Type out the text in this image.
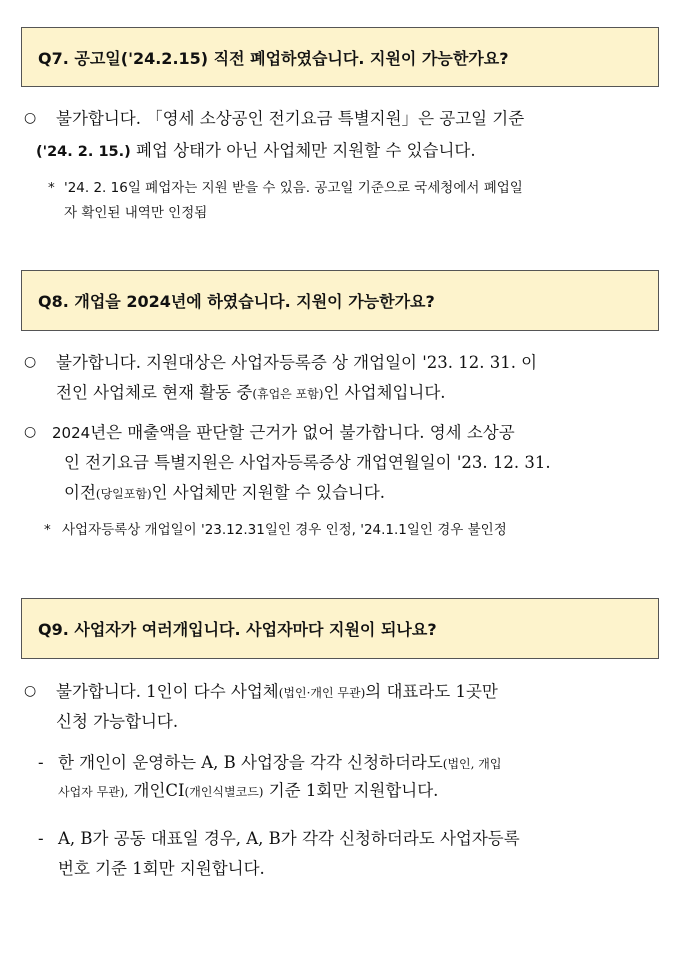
Q7. 공고일('24.2.15) 직전 폐업하였습니다. 지원이 가능한가요?
○ 불가합니다. 「영세 소상공인 전기요금 특별지원」은 공고일 기준
('24. 2. 15.) 폐업 상태가 아닌 사업체만 지원할 수 있습니다.
* '24. 2. 16일 폐업자는 지원 받을 수 있음. 공고일 기준으로 국세청에서 폐업일
자 확인된 내역만 인정됨
Q8. 개업을 2024년에 하였습니다. 지원이 가능한가요?
○ 불가합니다. 지원대상은 사업자등록증 상 개업일이 '23. 12. 31. 이
전인 사업체로 현재 활동 중(휴업은 포함)인 사업체입니다.
○ 2024년은 매출액을 판단할 근거가 없어 불가합니다. 영세 소상공
인 전기요금 특별지원은 사업자등록증상 개업연월일이 '23. 12. 31.
이전(당일포함)인 사업체만 지원할 수 있습니다.
* 사업자등록상 개업일이 '23.12.31일인 경우 인정, '24.1.1일인 경우 불인정
Q9. 사업자가 여러개입니다. 사업자마다 지원이 되나요?
○ 불가합니다. 1인이 다수 사업체(법인·개인 무관)의 대표라도 1곳만
신청 가능합니다.
- 한 개인이 운영하는 A, B 사업장을 각각 신청하더라도(법인, 개입
사업자 무관), 개인CI(개인식별코드) 기준 1회만 지원합니다.
- A, B가 공동 대표일 경우, A, B가 각각 신청하더라도 사업자등록
번호 기준 1회만 지원합니다.
